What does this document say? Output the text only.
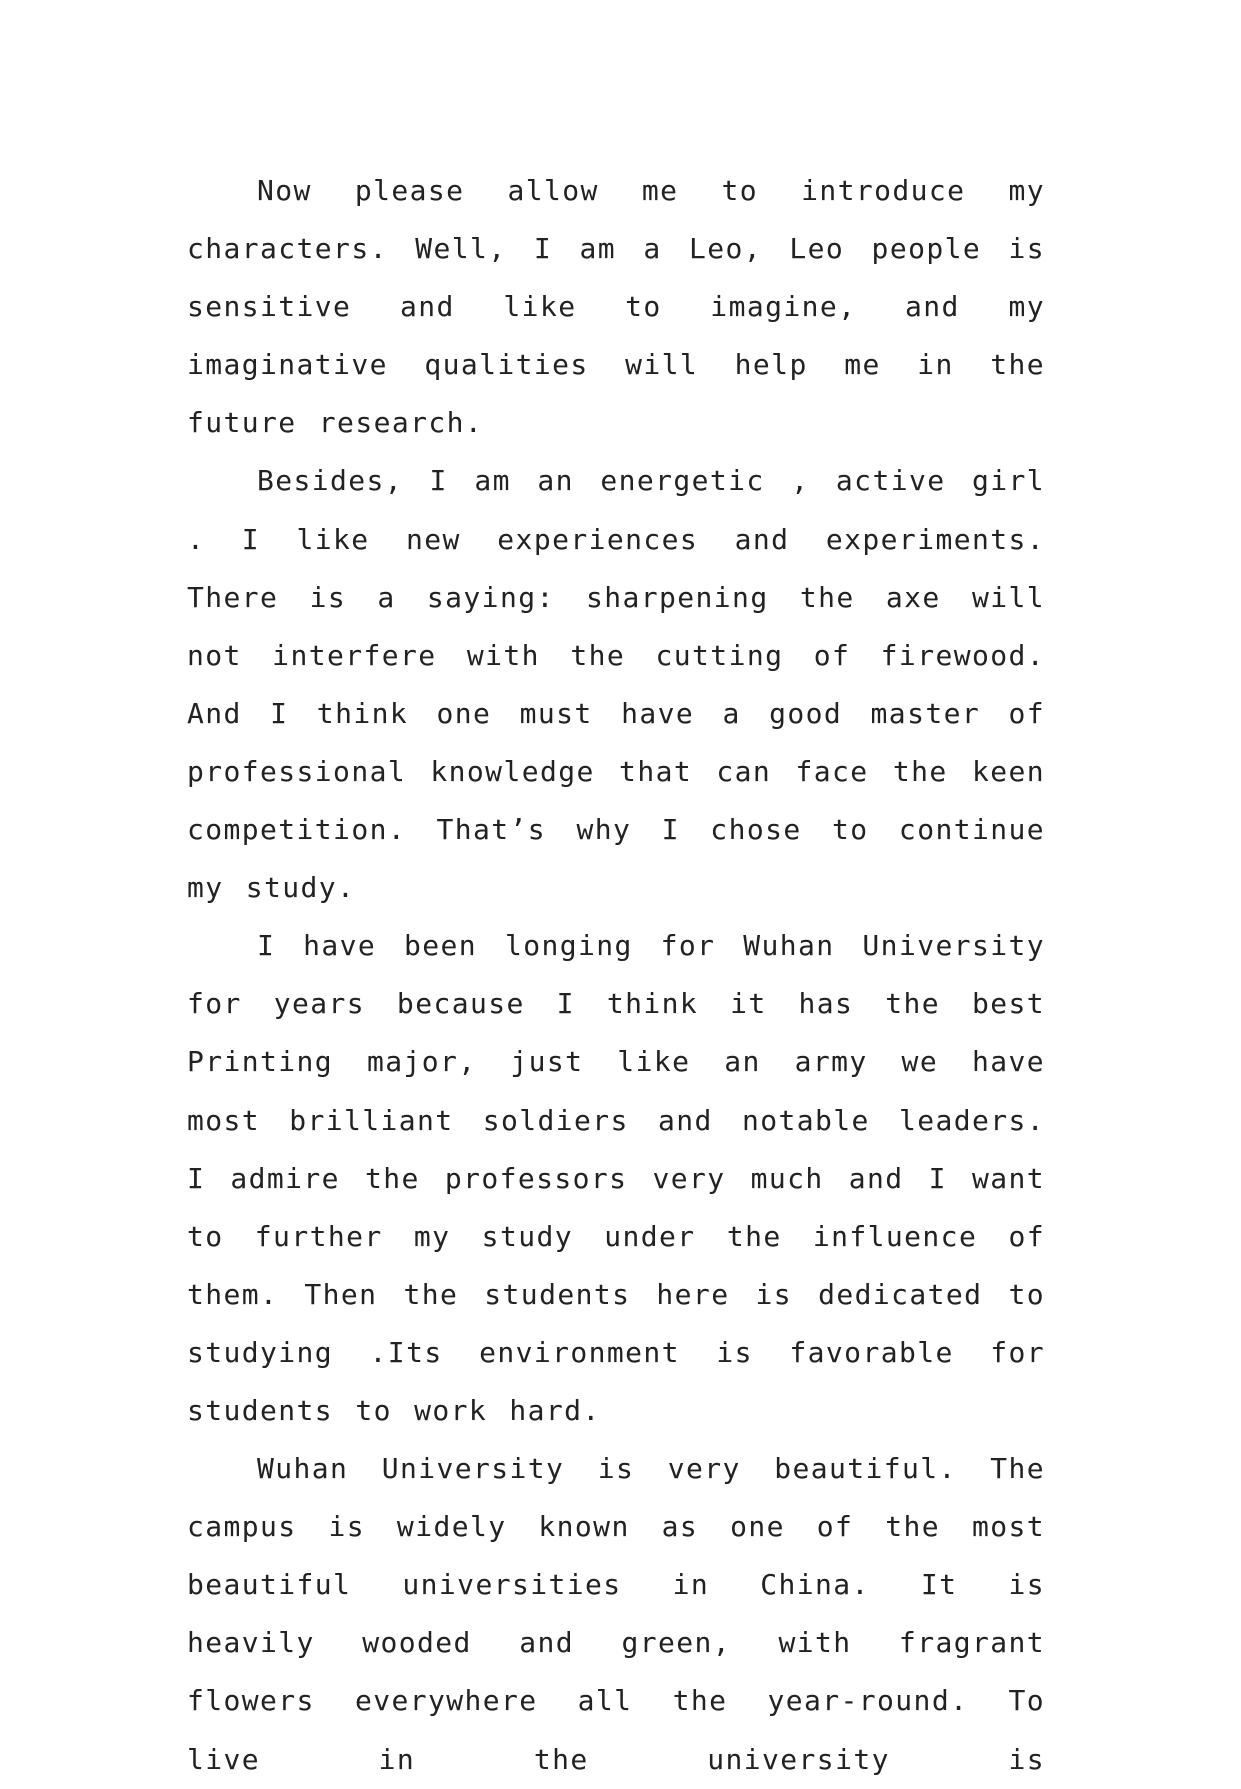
Now please allow me to introduce my characters. Well, I am a Leo, Leo people is sensitive and like to imagine, and my imaginative qualities will help me in the future research.

Besides, I am an energetic , active girl . I like new experiences and experiments. There is a saying: sharpening the axe will not interfere with the cutting of firewood. And I think one must have a good master of professional knowledge that can face the keen competition. That’s why I chose to continue my study.

I have been longing for Wuhan University for years because I think it has the best Printing major, just like an army we have most brilliant soldiers and notable leaders. I admire the professors very much and I want to further my study under the influence of them. Then the students here is dedicated to studying .Its environment is favorable for students to work hard.

Wuhan University is very beautiful. The campus is widely known as one of the most beautiful universities in China. It is heavily wooded and green, with fragrant flowers everywhere all the year-round. To live in the university is
